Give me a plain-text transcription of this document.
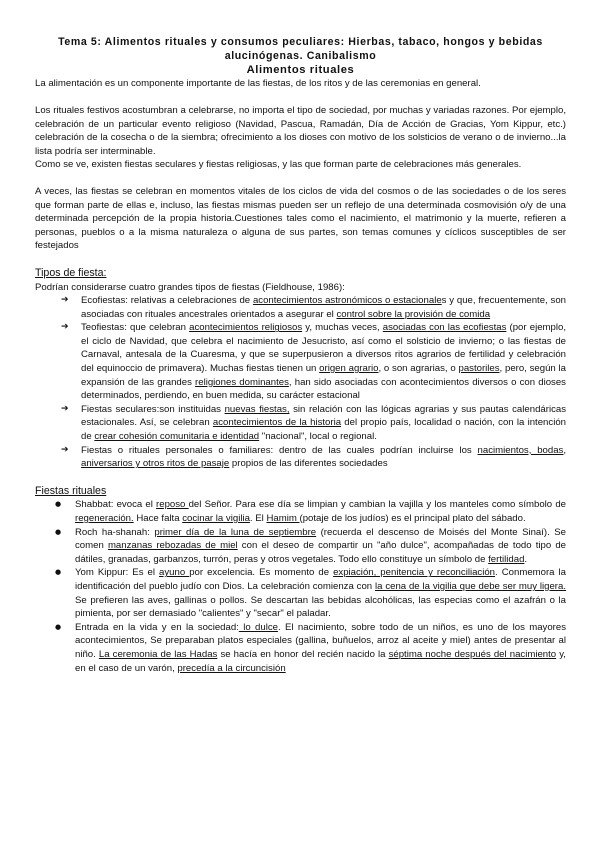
Tema 5: Alimentos rituales y consumos peculiares: Hierbas, tabaco, hongos y bebidas
alucinógenas. Canibalismo
Alimentos rituales

La alimentación es un componente importante de las fiestas, de los ritos y de las ceremonias en general.

Los rituales festivos acostumbran a celebrarse, no importa el tipo de sociedad, por muchas y variadas razones. Por ejemplo, celebración de un particular evento religioso (Navidad, Pascua, Ramadán, Día de Acción de Gracias, Yom Kippur, etc.) celebración de la cosecha o de la siembra; ofrecimiento a los dioses con motivo de los solsticios de verano o de invierno...la lista podría ser interminable.

Como se ve, existen fiestas seculares y fiestas religiosas, y las que forman parte de celebraciones más generales.

A veces, las fiestas se celebran en momentos vitales de los ciclos de vida del cosmos o de las sociedades o de los seres que forman parte de ellas e, incluso, las fiestas mismas pueden ser un reflejo de una determinada cosmovisión o/y de una determinada percepción de la propia historia.Cuestiones tales como el nacimiento, el matrimonio y la muerte, refieren a personas, pueblos o a la misma naturaleza o alguna de sus partes, son temas comunes y cíclicos susceptibles de ser festejados

Tipos de fiesta:

Podrían considerarse cuatro grandes tipos de fiestas (Fieldhouse, 1986):

➔ Ecofiestas: relativas a celebraciones de acontecimientos astronómicos o estacionales y que, frecuentemente, son asociadas con rituales ancestrales orientados a asegurar el control sobre la provisión de comida
➔ Teofiestas: que celebran acontecimientos religiosos y, muchas veces, asociadas con las ecofiestas (por ejemplo, el ciclo de Navidad, que celebra el nacimiento de Jesucristo, así como el solsticio de invierno; o las fiestas de Carnaval, antesala de la Cuaresma, y que se superpusieron a diversos ritos agrarios de fertilidad y celebración del equinoccio de primavera). Muchas fiestas tienen un origen agrario, o son agrarias, o pastoriles, pero, según la expansión de las grandes religiones dominantes, han sido asociadas con acontecimientos diversos o con dioses determinados, perdiendo, en buen medida, su carácter estacional
➔ Fiestas seculares:son instituidas nuevas fiestas, sin relación con las lógicas agrarias y sus pautas calendáricas estacionales. Así, se celebran acontecimientos de la historia del propio país, localidad o nación, con la intención de crear cohesión comunitaria e identidad "nacional", local o regional.
➔ Fiestas o rituales personales o familiares: dentro de las cuales podrían incluirse los nacimientos, bodas, aniversarios y otros ritos de pasaje propios de las diferentes sociedades
Fiestas rituales
● Shabbat: evoca el reposo del Señor. Para ese día se limpian y cambian la vajilla y los manteles como símbolo de regeneración. Hace falta cocinar la vigilia. El Hamim (potaje de los judíos) es el principal plato del sábado.
● Roch ha-shanah: primer día de la luna de septiembre (recuerda el descenso de Moisés del Monte Sinaí). Se comen manzanas rebozadas de miel con el deseo de compartir un "año dulce", acompañadas de todo tipo de dátiles, granadas, garbanzos, turrón, peras y otros vegetales. Todo ello constituye un símbolo de fertilidad.
● Yom Kippur: Es el ayuno por excelencia. Es momento de expiación, penitencia y reconciliación. Conmemora la identificación del pueblo judío con Dios. La celebración comienza con la cena de la vigilia que debe ser muy ligera. Se prefieren las aves, gallinas o pollos. Se descartan las bebidas alcohólicas, las especias como el azafrán o la pimienta, por ser demasiado "calientes" y "secar" el paladar.
● Entrada en la vida y en la sociedad: lo dulce. El nacimiento, sobre todo de un niños, es uno de los mayores acontecimientos, Se preparaban platos especiales (gallina, buñuelos, arroz al aceite y miel) antes de presentar al niño. La ceremonia de las Hadas se hacía en honor del recién nacido la séptima noche después del nacimiento y, en el caso de un varón, precedía a la circuncisión
